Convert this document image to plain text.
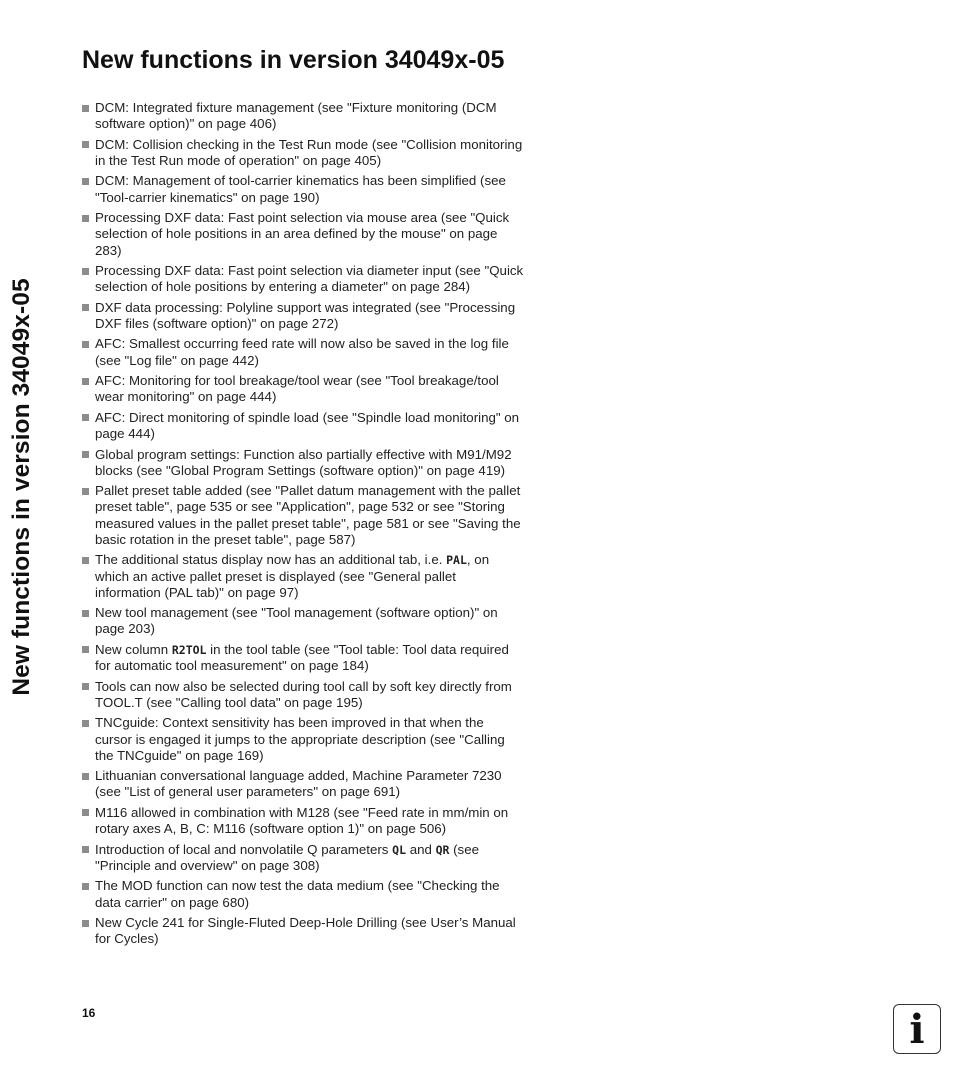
New functions in version 34049x-05
New functions in version 34049x-05
DCM: Integrated fixture management (see "Fixture monitoring (DCM software option)" on page 406)
DCM: Collision checking in the Test Run mode (see "Collision monitoring in the Test Run mode of operation" on page 405)
DCM: Management of tool-carrier kinematics has been simplified (see "Tool-carrier kinematics" on page 190)
Processing DXF data: Fast point selection via mouse area (see "Quick selection of hole positions in an area defined by the mouse" on page 283)
Processing DXF data: Fast point selection via diameter input (see "Quick selection of hole positions by entering a diameter" on page 284)
DXF data processing: Polyline support was integrated (see "Processing DXF files (software option)" on page 272)
AFC: Smallest occurring feed rate will now also be saved in the log file (see "Log file" on page 442)
AFC: Monitoring for tool breakage/tool wear (see "Tool breakage/tool wear monitoring" on page 444)
AFC: Direct monitoring of spindle load (see "Spindle load monitoring" on page 444)
Global program settings: Function also partially effective with M91/M92 blocks (see "Global Program Settings (software option)" on page 419)
Pallet preset table added (see "Pallet datum management with the pallet preset table", page 535 or see "Application", page 532 or see "Storing measured values in the pallet preset table", page 581 or see "Saving the basic rotation in the preset table", page 587)
The additional status display now has an additional tab, i.e. PAL, on which an active pallet preset is displayed (see "General pallet information (PAL tab)" on page 97)
New tool management (see "Tool management (software option)" on page 203)
New column R2TOL in the tool table (see "Tool table: Tool data required for automatic tool measurement" on page 184)
Tools can now also be selected during tool call by soft key directly from TOOL.T (see "Calling tool data" on page 195)
TNCguide: Context sensitivity has been improved in that when the cursor is engaged it jumps to the appropriate description (see "Calling the TNCguide" on page 169)
Lithuanian conversational language added, Machine Parameter 7230 (see "List of general user parameters" on page 691)
M116 allowed in combination with M128 (see "Feed rate in mm/min on rotary axes A, B, C: M116 (software option 1)" on page 506)
Introduction of local and nonvolatile Q parameters QL and QR (see "Principle and overview" on page 308)
The MOD function can now test the data medium (see "Checking the data carrier" on page 680)
New Cycle 241 for Single-Fluted Deep-Hole Drilling (see User’s Manual for Cycles)
16	i
